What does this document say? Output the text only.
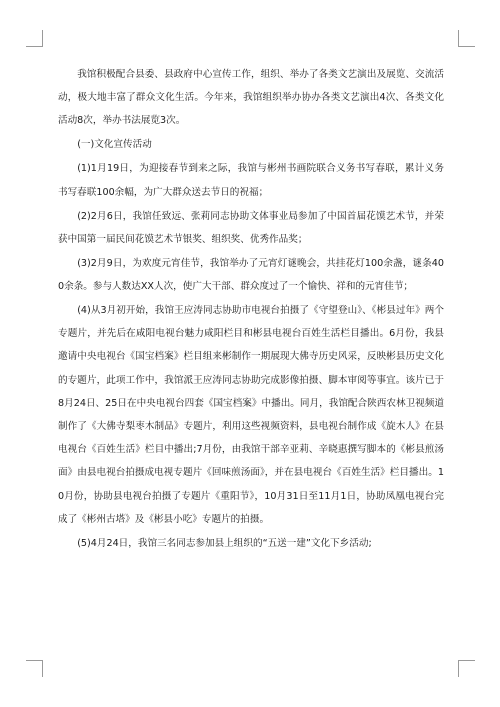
我馆积极配合县委、县政府中心宣传工作，组织、举办了各类文艺演出及展览、交流活动，极大地丰富了群众文化生活。今年来，我馆组织举办协办各类文艺演出4次、各类文化活动8次，举办书法展览3次。

(一)文化宣传活动

(1)1月19日，为迎接春节到来之际，我馆与彬州书画院联合义务书写春联，累计义务书写春联100余幅，为广大群众送去节日的祝福；

(2)2月6日，我馆任致远、张莉同志协助文体事业局参加了中国首届花馍艺术节，并荣获中国第一届民间花馍艺术节银奖、组织奖、优秀作品奖；

(3)2月9日，为欢度元宵佳节，我馆举办了元宵灯谜晚会，共挂花灯100余盏，谜条400余条。参与人数达XX人次，使广大干部、群众度过了一个愉快、祥和的元宵佳节；

(4)从3月初开始，我馆王应涛同志协助市电视台拍摄了《守望登山》、《彬县过年》两个专题片，并先后在咸阳电视台魅力咸阳栏目和彬县电视台百姓生活栏目播出。6月份，我县邀请中央电视台《国宝档案》栏目组来彬制作一期展现大佛寺历史风采，反映彬县历史文化的专题片，此项工作中，我馆派王应涛同志协助完成影像拍摄、脚本审阅等事宜。该片已于8月24日、25日在中央电视台四套《国宝档案》中播出。同月，我馆配合陕西农林卫视频道制作了《大佛寺梨枣木制品》专题片，利用这些视频资料，县电视台制作成《旋木人》在县电视台《百姓生活》栏目中播出;7月份，由我馆干部辛亚莉、辛晓惠撰写脚本的《彬县煎汤面》由县电视台拍摄成电视专题片《回味煎汤面》，并在县电视台《百姓生活》栏目播出。10月份，协助县电视台拍摄了专题片《重阳节》，10月31日至11月1日，协助凤凰电视台完成了《彬州古塔》及《彬县小吃》专题片的拍摄。

(5)4月24日，我馆三名同志参加县上组织的“五送一建”文化下乡活动;
